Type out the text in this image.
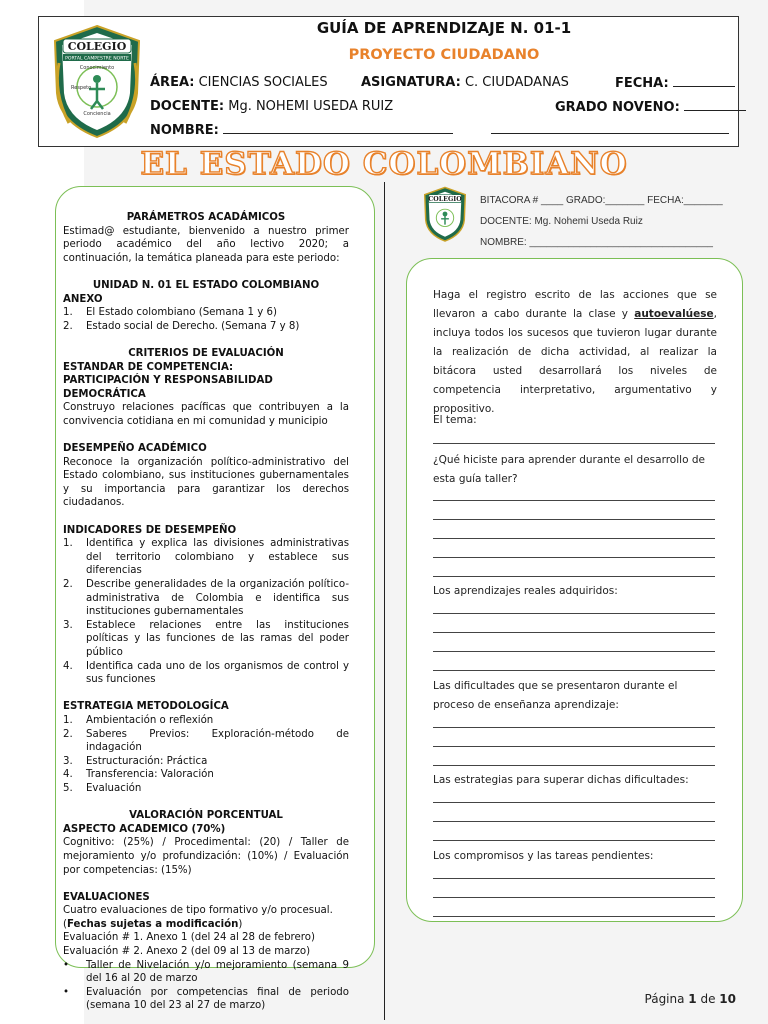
COLEGIO
PORTAL CAMPESTRE NORTE
Conocimiento
Respeto
Conciencia
GUÍA DE APRENDIZAJE N. 01-1
PROYECTO CIUDADANO
ÁREA: CIENCIAS SOCIALES	ASIGNATURA: C. CIUDADANAS	FECHA:
DOCENTE: Mg. NOHEMI USEDA RUIZ	GRADO NOVENO:
NOMBRE:
EL ESTADO COLOMBIANO

PARÁMETROS ACADÁMICOS

Estimad@ estudiante, bienvenido a nuestro primer periodo académico del año lectivo 2020; a continuación, la temática planeada para este periodo:

UNIDAD N. 01 EL ESTADO COLOMBIANO

ANEXO

1.	El Estado colombiano (Semana 1 y 6)
2.	Estado social de Derecho. (Semana 7 y 8)

CRITERIOS DE EVALUACIÓN

ESTANDAR DE COMPETENCIA:

PARTICIPACIÓN Y RESPONSABILIDAD DEMOCRÁTICA

Construyo relaciones pacíficas que contribuyen a la convivencia cotidiana en mi comunidad y municipio

DESEMPEÑO ACADÉMICO

Reconoce la organización político-administrativo del Estado colombiano, sus instituciones gubernamentales y su importancia para garantizar los derechos ciudadanos.

INDICADORES DE DESEMPEÑO

1.	Identifica y explica las divisiones administrativas del territorio colombiano y establece sus diferencias
2.	Describe generalidades de la organización político-administrativa de Colombia e identifica sus instituciones gubernamentales
3.	Establece relaciones entre las instituciones políticas y las funciones de las ramas del poder público
4.	Identifica cada uno de los organismos de control y sus funciones

ESTRATEGIA METODOLOGÍCA

1.	Ambientación o reflexión
2.	Saberes Previos: Exploración-método de indagación
3.	Estructuración: Práctica
4.	Transferencia: Valoración
5.	Evaluación

VALORACIÓN PORCENTUAL

ASPECTO ACADEMICO (70%)

Cognitivo: (25%) / Procedimental: (20) / Taller de mejoramiento y/o profundización: (10%) / Evaluación por competencias: (15%)

EVALUACIONES

Cuatro evaluaciones de tipo formativo y/o procesual.

(Fechas sujetas a modificación)

Evaluación # 1. Anexo 1 (del 24 al 28 de febrero)

Evaluación # 2. Anexo 2 (del 09 al 13 de marzo)

•	Taller de Nivelación y/o mejoramiento (semana 9 del 16 al 20 de marzo
•	Evaluación por competencias final de periodo (semana 10 del 23 al 27 de marzo)
COLEGIO BITACORA # ____ GRADO:_______ FECHA:_______
DOCENTE: Mg. Nohemi Useda Ruiz
NOMBRE: _________________________________
Haga el registro escrito de las acciones que se llevaron a cabo durante la clase y autoevalúese, incluya todos los sucesos que tuvieron lugar durante la realización de dicha actividad, al realizar la bitácora usted desarrollará los niveles de competencia interpretativo, argumentativo y propositivo.
El tema:
¿Qué hiciste para aprender durante el desarrollo de esta guía taller?
Los aprendizajes reales adquiridos:
Las dificultades que se presentaron durante el proceso de enseñanza aprendizaje:
Las estrategias para superar dichas dificultades:
Los compromisos y las tareas pendientes:
Página 1 de 10
